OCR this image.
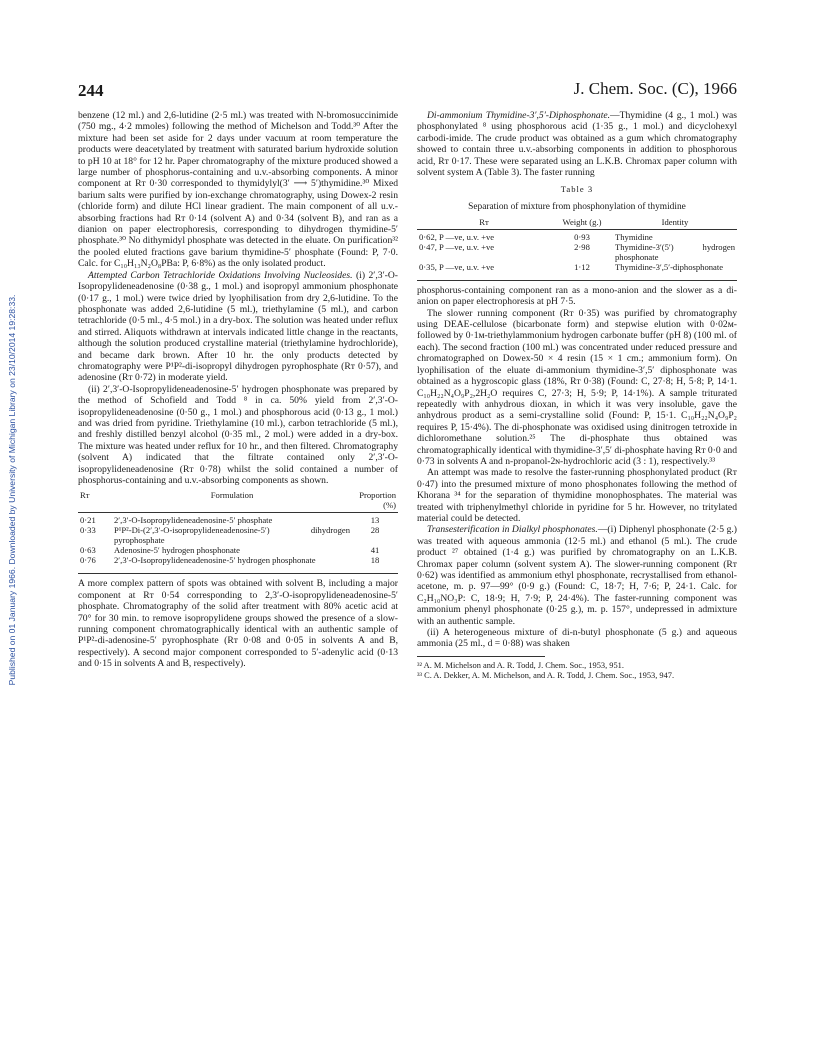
244	J. Chem. Soc. (C), 1966
Published on 01 January 1966. Downloaded by University of Michigan Library on 23/10/2014 19:28:33.

benzene (12 ml.) and 2,6-lutidine (2·5 ml.) was treated with N-bromosuccinimide (750 mg., 4·2 mmoles) following the method of Michelson and Todd.³⁰ After the mixture had been set aside for 2 days under vacuum at room temperature the products were deacetylated by treatment with saturated barium hydroxide solution to pH 10 at 18° for 12 hr. Paper chromatography of the mixture produced showed a large number of phosphorus-containing and u.v.-absorbing components. A minor component at Rᴛ 0·30 corresponded to thymidylyl(3′ ⟶ 5′)thymidine.³⁰ Mixed barium salts were purified by ion-exchange chromatography, using Dowex-2 resin (chloride form) and dilute HCl linear gradient. The main component of all u.v.-absorbing fractions had Rᴛ 0·14 (solvent A) and 0·34 (solvent B), and ran as a dianion on paper electrophoresis, corresponding to dihydrogen thymidine-5′ phosphate.³⁰ No dithymidyl phosphate was detected in the eluate. On purification³² the pooled eluted fractions gave barium thymidine-5′ phosphate (Found: P, 7·0. Calc. for C₁₀H₁₃N₂O₈PBa: P, 6·8%) as the only isolated product.

Attempted Carbon Tetrachloride Oxidations Involving Nucleosides. (i) 2′,3′-O-Isopropylideneadenosine (0·38 g., 1 mol.) and isopropyl ammonium phosphonate (0·17 g., 1 mol.) were twice dried by lyophilisation from dry 2,6-lutidine. To the phosphonate was added 2,6-lutidine (5 ml.), triethylamine (5 ml.), and carbon tetrachloride (0·5 ml., 4·5 mol.) in a dry-box. The solution was heated under reflux and stirred. Aliquots withdrawn at intervals indicated little change in the reactants, although the solution produced crystalline material (triethylamine hydrochloride), and became dark brown. After 10 hr. the only products detected by chromatography were P¹P²-di-isopropyl dihydrogen pyrophosphate (Rᴛ 0·57), and adenosine (Rᴛ 0·72) in moderate yield.

(ii) 2′,3′-O-Isopropylideneadenosine-5′ hydrogen phosphonate was prepared by the method of Schofield and Todd ⁸ in ca. 50% yield from 2′,3′-O-isopropylideneadenosine (0·50 g., 1 mol.) and phosphorous acid (0·13 g., 1 mol.) and was dried from pyridine. Triethylamine (10 ml.), carbon tetrachloride (5 ml.), and freshly distilled benzyl alcohol (0·35 ml., 2 mol.) were added in a dry-box. The mixture was heated under reflux for 10 hr., and then filtered. Chromatography (solvent A) indicated that the filtrate contained only 2′,3′-O-isopropylideneadenosine (Rᴛ 0·78) whilst the solid contained a number of phosphorus-containing and u.v.-absorbing components as shown.

Rᴛ	Formulation	Proportion (%)
0·21	2′,3′-O-Isopropylideneadenosine-5′ phosphate	13
0·33	P¹P²-Di-(2′,3′-O-isopropylideneadenosine-5′) dihydrogen pyrophosphate	28
0·63	Adenosine-5′ hydrogen phosphonate	41
0·76	2′,3′-O-Isopropylideneadenosine-5′ hydrogen phosphonate	18

A more complex pattern of spots was obtained with solvent B, including a major component at Rᴛ 0·54 corresponding to 2,3′-O-isopropylideneadenosine-5′ phosphate. Chromatography of the solid after treatment with 80% acetic acid at 70° for 30 min. to remove isopropylidene groups showed the presence of a slow-running component chromatographically identical with an authentic sample of P¹P²-di-adenosine-5′ pyrophosphate (Rᴛ 0·08 and 0·05 in solvents A and B, respectively). A second major component corresponded to 5′-adenylic acid (0·13 and 0·15 in solvents A and B, respectively).

Di-ammonium Thymidine-3′,5′-Diphosphonate.—Thymidine (4 g., 1 mol.) was phosphonylated ⁸ using phosphorous acid (1·35 g., 1 mol.) and dicyclohexyl carbodi-imide. The crude product was obtained as a gum which chromatography showed to contain three u.v.-absorbing components in addition to phosphorous acid, Rᴛ 0·17. These were separated using an L.K.B. Chromax paper column with solvent system A (Table 3). The faster running

Table 3
Separation of mixture from phosphonylation of thymidine
Rᴛ	Weight (g.)	Identity
0·62, P —ve, u.v. +ve	0·93	Thymidine
0·47, P —ve, u.v. +ve	2·98	Thymidine-3′(5′) hydrogen phosphonate
0·35, P —ve, u.v. +ve	1·12	Thymidine-3′,5′-diphosphonate

phosphorus-containing component ran as a mono-anion and the slower as a di-anion on paper electrophoresis at pH 7·5.

The slower running component (Rᴛ 0·35) was purified by chromatography using DEAE-cellulose (bicarbonate form) and stepwise elution with 0·02ᴍ- followed by 0·1ᴍ-triethylammonium hydrogen carbonate buffer (pH 8) (100 ml. of each). The second fraction (100 ml.) was concentrated under reduced pressure and chromatographed on Dowex-50 × 4 resin (15 × 1 cm.; ammonium form). On lyophilisation of the eluate di-ammonium thymidine-3′,5′ diphosphonate was obtained as a hygroscopic glass (18%, Rᴛ 0·38) (Found: C, 27·8; H, 5·8; P, 14·1. C₁₀H₂₂N₄O₉P₂,2H₂O requires C, 27·3; H, 5·9; P, 14·1%). A sample triturated repeatedly with anhydrous dioxan, in which it was very insoluble, gave the anhydrous product as a semi-crystalline solid (Found: P, 15·1. C₁₀H₂₂N₄O₉P₂ requires P, 15·4%). The di-phosphonate was oxidised using dinitrogen tetroxide in dichloromethane solution.²⁵ The di-phosphate thus obtained was chromatographically identical with thymidine-3′,5′ di-phosphate having Rᴛ 0·0 and 0·73 in solvents A and n-propanol-2ɴ-hydrochloric acid (3 : 1), respectively.³³

An attempt was made to resolve the faster-running phosphonylated product (Rᴛ 0·47) into the presumed mixture of mono phosphonates following the method of Khorana ³⁴ for the separation of thymidine monophosphates. The material was treated with triphenylmethyl chloride in pyridine for 5 hr. However, no tritylated material could be detected.

Transesterification in Dialkyl phosphonates.—(i) Diphenyl phosphonate (2·5 g.) was treated with aqueous ammonia (12·5 ml.) and ethanol (5 ml.). The crude product ²⁷ obtained (1·4 g.) was purified by chromatography on an L.K.B. Chromax paper column (solvent system A). The slower-running component (Rᴛ 0·62) was identified as ammonium ethyl phosphonate, recrystallised from ethanol-acetone, m. p. 97—99° (0·9 g.) (Found: C, 18·7; H, 7·6; P, 24·1. Calc. for C₂H₁₀NO₃P: C, 18·9; H, 7·9; P, 24·4%). The faster-running component was ammonium phenyl phosphonate (0·25 g.), m. p. 157°, undepressed in admixture with an authentic sample.

(ii) A heterogeneous mixture of di-n-butyl phosphonate (5 g.) and aqueous ammonia (25 ml., d = 0·88) was shaken

³² A. M. Michelson and A. R. Todd, J. Chem. Soc., 1953, 951.
³³ C. A. Dekker, A. M. Michelson, and A. R. Todd, J. Chem. Soc., 1953, 947.
